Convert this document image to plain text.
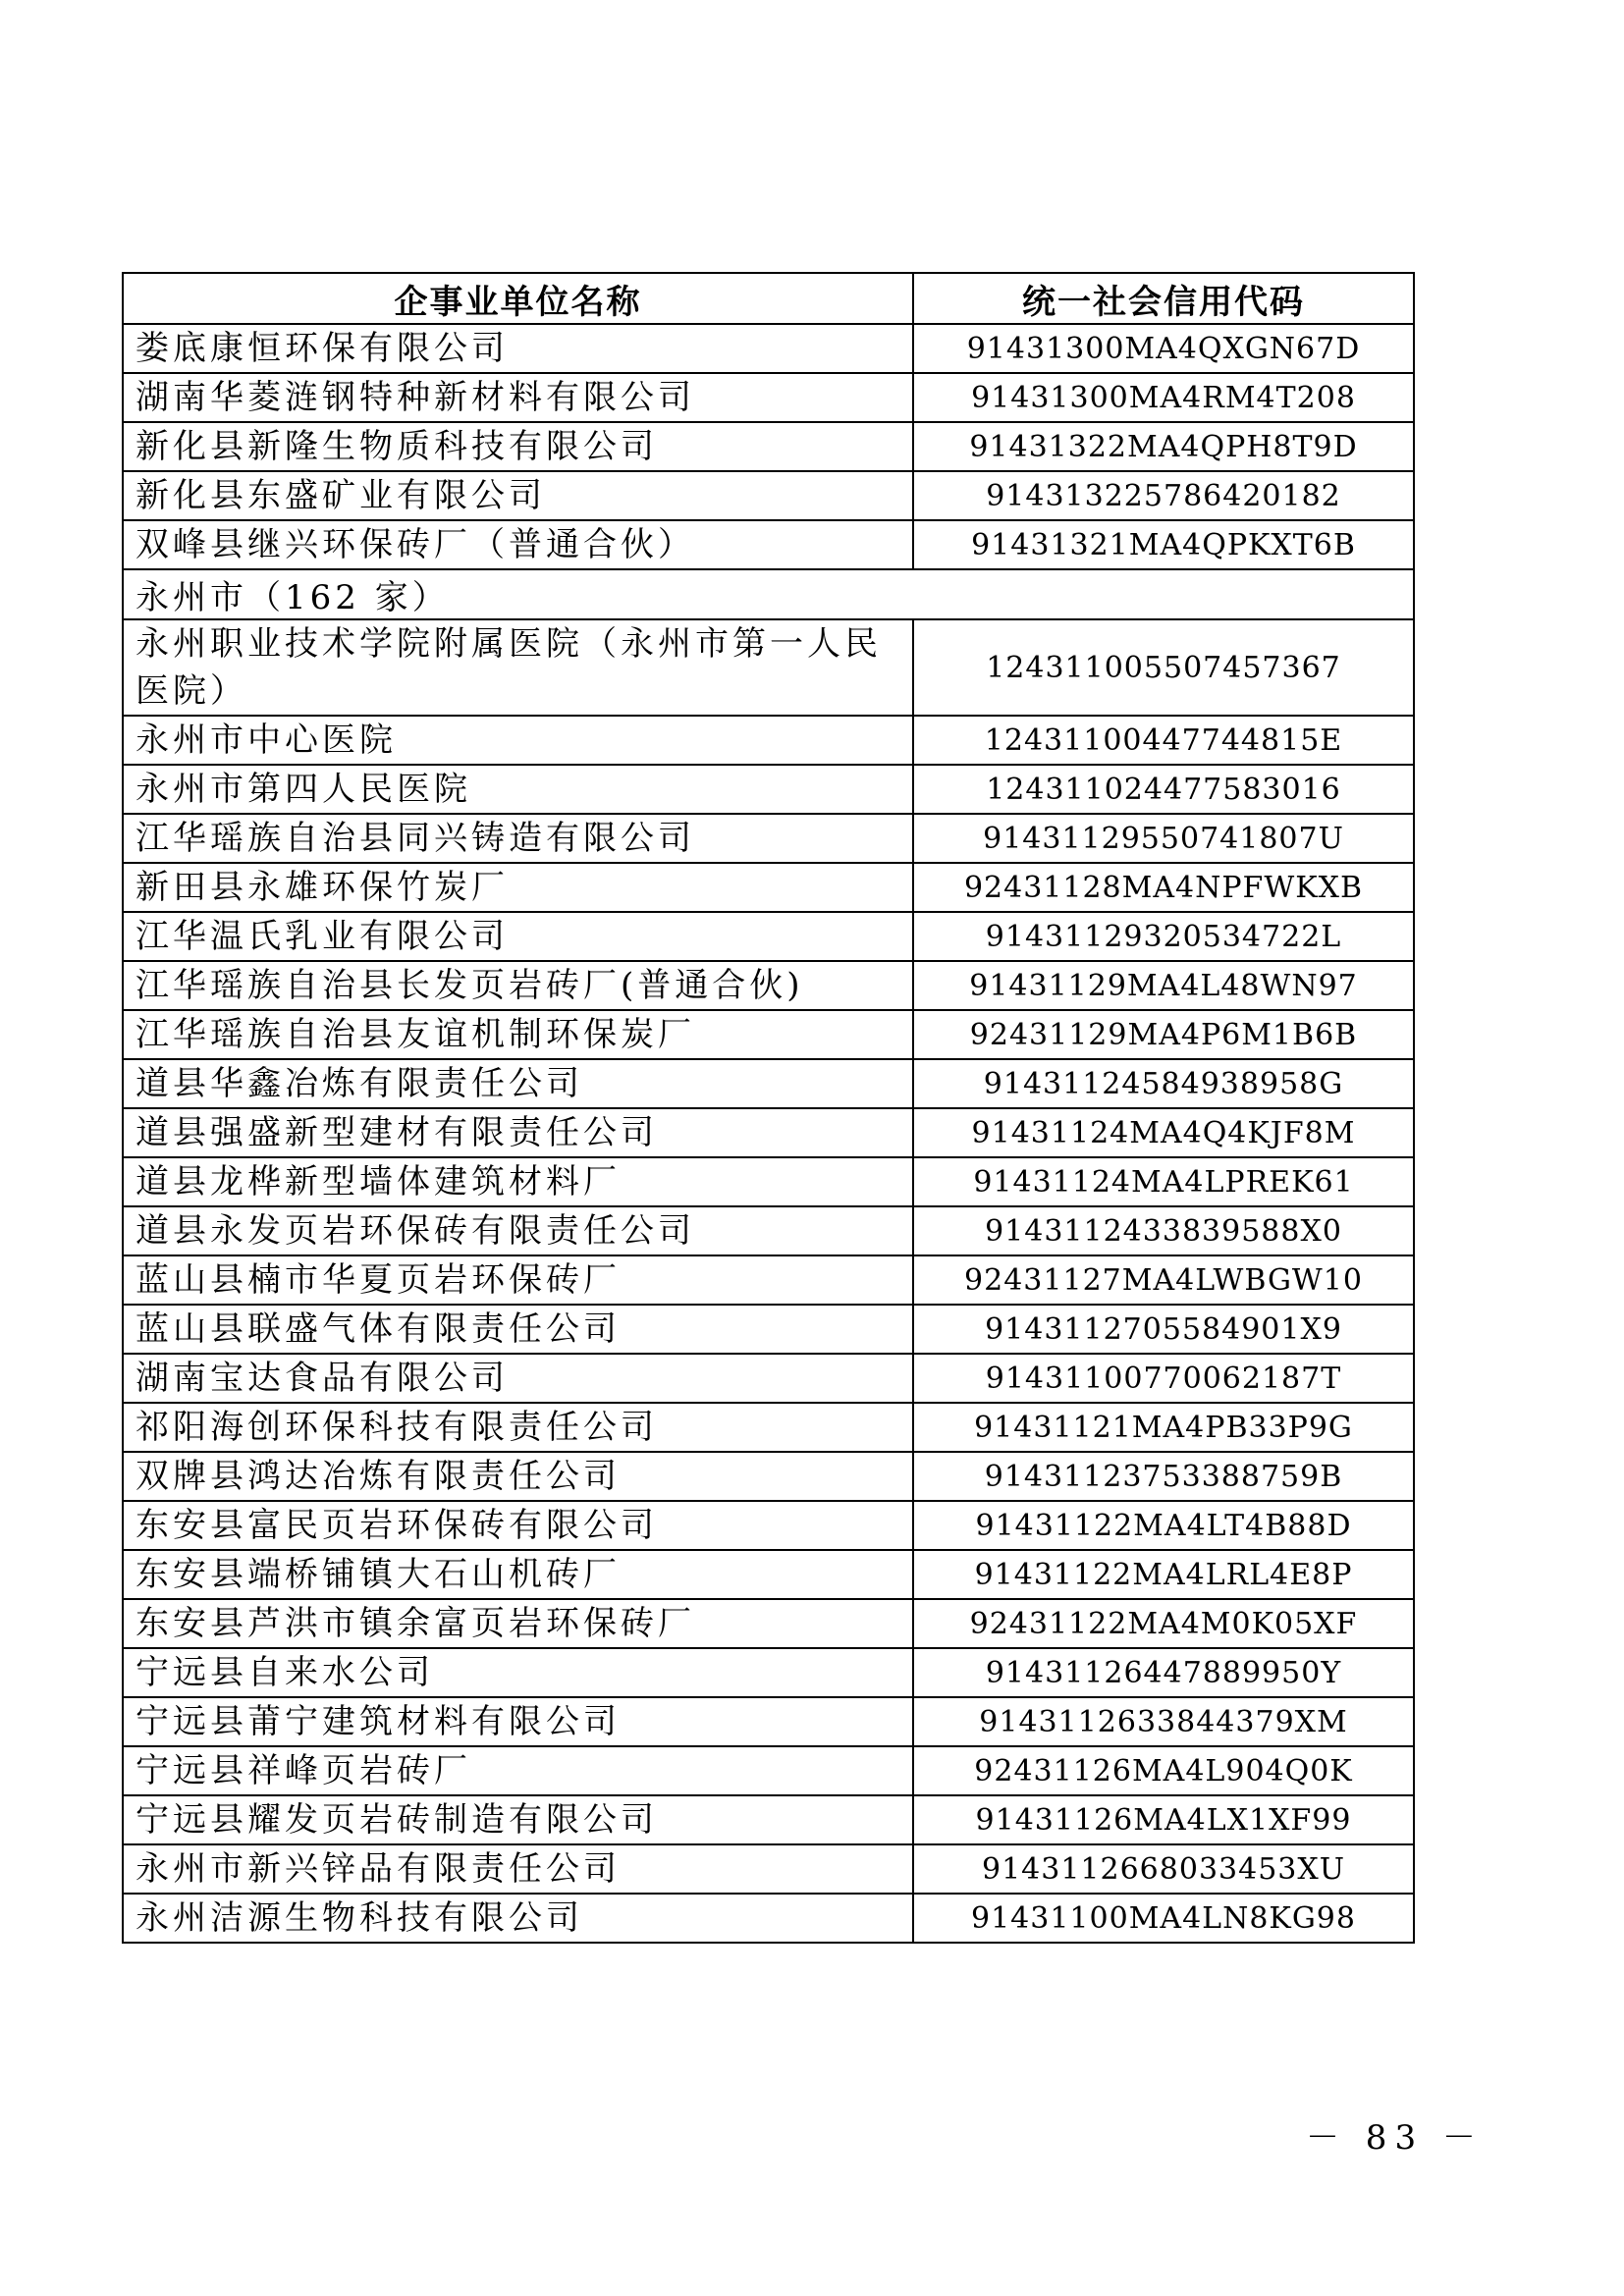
企事业单位名称	统一社会信用代码
娄底康恒环保有限公司	91431300MA4QXGN67D
湖南华菱涟钢特种新材料有限公司	91431300MA4RM4T208
新化县新隆生物质科技有限公司	91431322MA4QPH8T9D
新化县东盛矿业有限公司	914313225786420182
双峰县继兴环保砖厂（普通合伙）	91431321MA4QPKXT6B
永州市（162 家）	
永州职业技术学院附属医院（永州市第一人民医院）	124311005507457367
永州市中心医院	12431100447744815E
永州市第四人民医院	124311024477583016
江华瑶族自治县同兴铸造有限公司	91431129550741807U
新田县永雄环保竹炭厂	92431128MA4NPFWKXB
江华温氏乳业有限公司	91431129320534722L
江华瑶族自治县长发页岩砖厂(普通合伙)	91431129MA4L48WN97
江华瑶族自治县友谊机制环保炭厂	92431129MA4P6M1B6B
道县华鑫冶炼有限责任公司	91431124584938958G
道县强盛新型建材有限责任公司	91431124MA4Q4KJF8M
道县龙桦新型墙体建筑材料厂	91431124MA4LPREK61
道县永发页岩环保砖有限责任公司	9143112433839588X0
蓝山县楠市华夏页岩环保砖厂	92431127MA4LWBGW10
蓝山县联盛气体有限责任公司	9143112705584901X9
湖南宝达食品有限公司	91431100770062187T
祁阳海创环保科技有限责任公司	91431121MA4PB33P9G
双牌县鸿达冶炼有限责任公司	91431123753388759B
东安县富民页岩环保砖有限公司	91431122MA4LT4B88D
东安县端桥铺镇大石山机砖厂	91431122MA4LRL4E8P
东安县芦洪市镇余富页岩环保砖厂	92431122MA4M0K05XF
宁远县自来水公司	91431126447889950Y
宁远县莆宁建筑材料有限公司	9143112633844379XM
宁远县祥峰页岩砖厂	92431126MA4L904Q0K
宁远县耀发页岩砖制造有限公司	91431126MA4LX1XF99
永州市新兴锌品有限责任公司	9143112668033453XU
永州洁源生物科技有限公司	91431100MA4LN8KG98
－ 83 －
